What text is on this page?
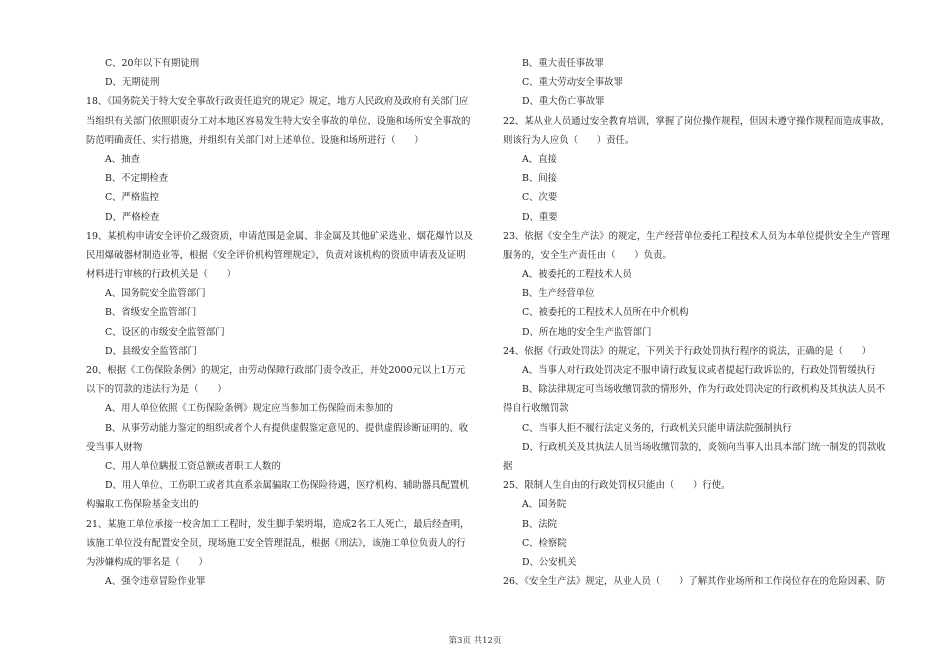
C、20年以下有期徒刑
D、无期徒刑
18、《国务院关于特大安全事故行政责任追究的规定》规定，地方人民政府及政府有关部门应
当组织有关部门依照职责分工对本地区容易发生特大安全事故的单位、设施和场所安全事故的
防范明确责任、实行措施，并组织有关部门对上述单位、设施和场所进行（　　）
A、抽查
B、不定期检查
C、严格监控
D、严格检查
19、某机构申请安全评价乙级资质，申请范围是金属、非金属及其他矿采选业、烟花爆竹以及
民用爆破器材制造业等，根据《安全评价机构管理规定》，负责对该机构的资质申请表及证明
材料进行审核的行政机关是（　　）
A、国务院安全监管部门
B、省级安全监管部门
C、设区的市级安全监管部门
D、县级安全监管部门
20、根据《工伤保险条例》的规定，由劳动保障行政部门责令改正，并处2000元以上1万元
以下的罚款的违法行为是（　　）
A、用人单位依照《工伤保险条例》规定应当参加工伤保险而未参加的
B、从事劳动能力鉴定的组织或者个人有提供虚假鉴定意见的、提供虚假诊断证明的、收
受当事人财物
C、用人单位瞒报工资总额或者职工人数的
D、用人单位、工伤职工或者其直系亲属骗取工伤保险待遇，医疗机构、辅助器具配置机
构骗取工伤保险基金支出的
21、某施工单位承接一校舍加工工程时，发生脚手架坍塌，造成2名工人死亡，最后经查明，
该施工单位没有配置安全员，现场施工安全管理混乱，根据《刑法》，该施工单位负责人的行
为涉嫌构成的罪名是（　　）
A、强令违章冒险作业罪
B、重大责任事故罪
C、重大劳动安全事故罪
D、重大伤亡事故罪
22、某从业人员通过安全教育培训，掌握了岗位操作规程，但因未遵守操作规程而造成事故，
则该行为人应负（　　）责任。
A、直接
B、间接
C、次要
D、重要
23、依据《安全生产法》的规定，生产经营单位委托工程技术人员为本单位提供安全生产管理
服务的，安全生产责任由（　　）负责。
A、被委托的工程技术人员
B、生产经营单位
C、被委托的工程技术人员所在中介机构
D、所在地的安全生产监管部门
24、依据《行政处罚法》的规定，下列关于行政处罚执行程序的说法，正确的是（　　）
A、当事人对行政处罚决定不服申请行政复议或者提起行政诉讼的，行政处罚暂缓执行
B、除法律规定可当场收缴罚款的情形外，作为行政处罚决定的行政机构及其执法人员不
得自行收缴罚款
C、当事人拒不履行法定义务的，行政机关只能申请法院强制执行
D、行政机关及其执法人员当场收缴罚款的，炎领向当事人出具本部门统一制发的罚款收
据
25、限制人生自由的行政处罚权只能由（　　）行使。
A、国务院
B、法院
C、检察院
D、公安机关
26、《安全生产法》规定，从业人员（　　）了解其作业场所和工作岗位存在的危险因素、防
第3页 共12页
